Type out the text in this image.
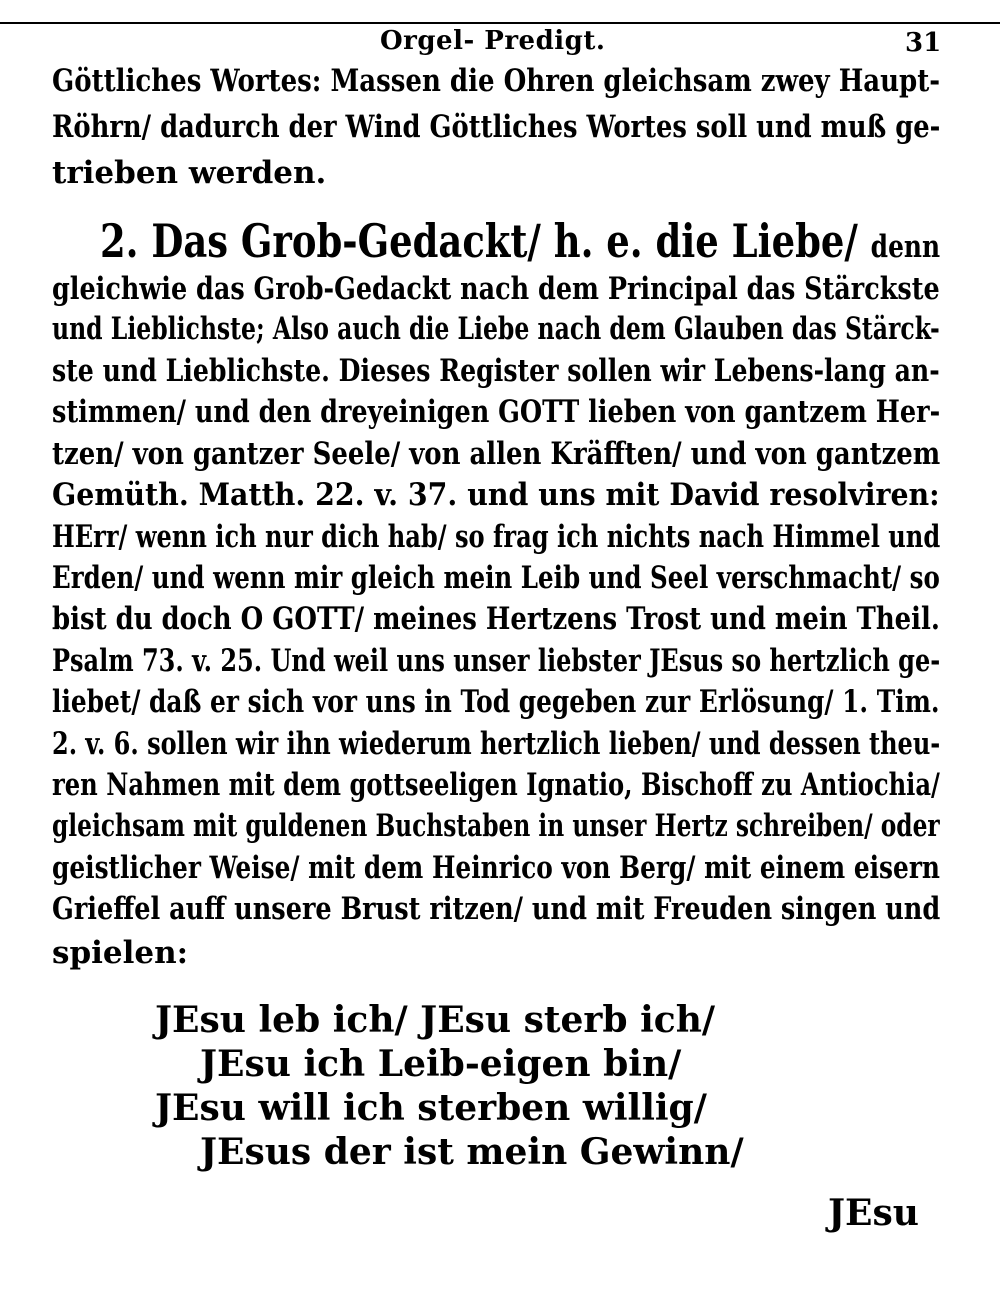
Orgel- Predigt.	31
Göttliches Wortes: Massen die Ohren gleichsam zwey Haupt-
Röhrn/ dadurch der Wind Göttliches Wortes soll und muß ge-
trieben werden.
2. Das Grob-Gedackt/ h. e. die Liebe/ denn
gleichwie das Grob-Gedackt nach dem Principal das Stärckste
und Lieblichste; Also auch die Liebe nach dem Glauben das Stärck-
ste und Lieblichste. Dieses Register sollen wir Lebens-lang an-
stimmen/ und den dreyeinigen GOTT lieben von gantzem Her-
tzen/ von gantzer Seele/ von allen Kräfften/ und von gantzem
Gemüth. Matth. 22. v. 37. und uns mit David resolviren:
HErr/ wenn ich nur dich hab/ so frag ich nichts nach Himmel und
Erden/ und wenn mir gleich mein Leib und Seel verschmacht/ so
bist du doch O GOTT/ meines Hertzens Trost und mein Theil.
Psalm 73. v. 25. Und weil uns unser liebster JEsus so hertzlich ge-
liebet/ daß er sich vor uns in Tod gegeben zur Erlösung/ 1. Tim.
2. v. 6. sollen wir ihn wiederum hertzlich lieben/ und dessen theu-
ren Nahmen mit dem gottseeligen Ignatio, Bischoff zu Antiochia/
gleichsam mit guldenen Buchstaben in unser Hertz schreiben/ oder
geistlicher Weise/ mit dem Heinrico von Berg/ mit einem eisern
Grieffel auff unsere Brust ritzen/ und mit Freuden singen und
spielen:
JEsu leb ich/ JEsu sterb ich/
JEsu ich Leib-eigen bin/
JEsu will ich sterben willig/
JEsus der ist mein Gewinn/
JEsu
